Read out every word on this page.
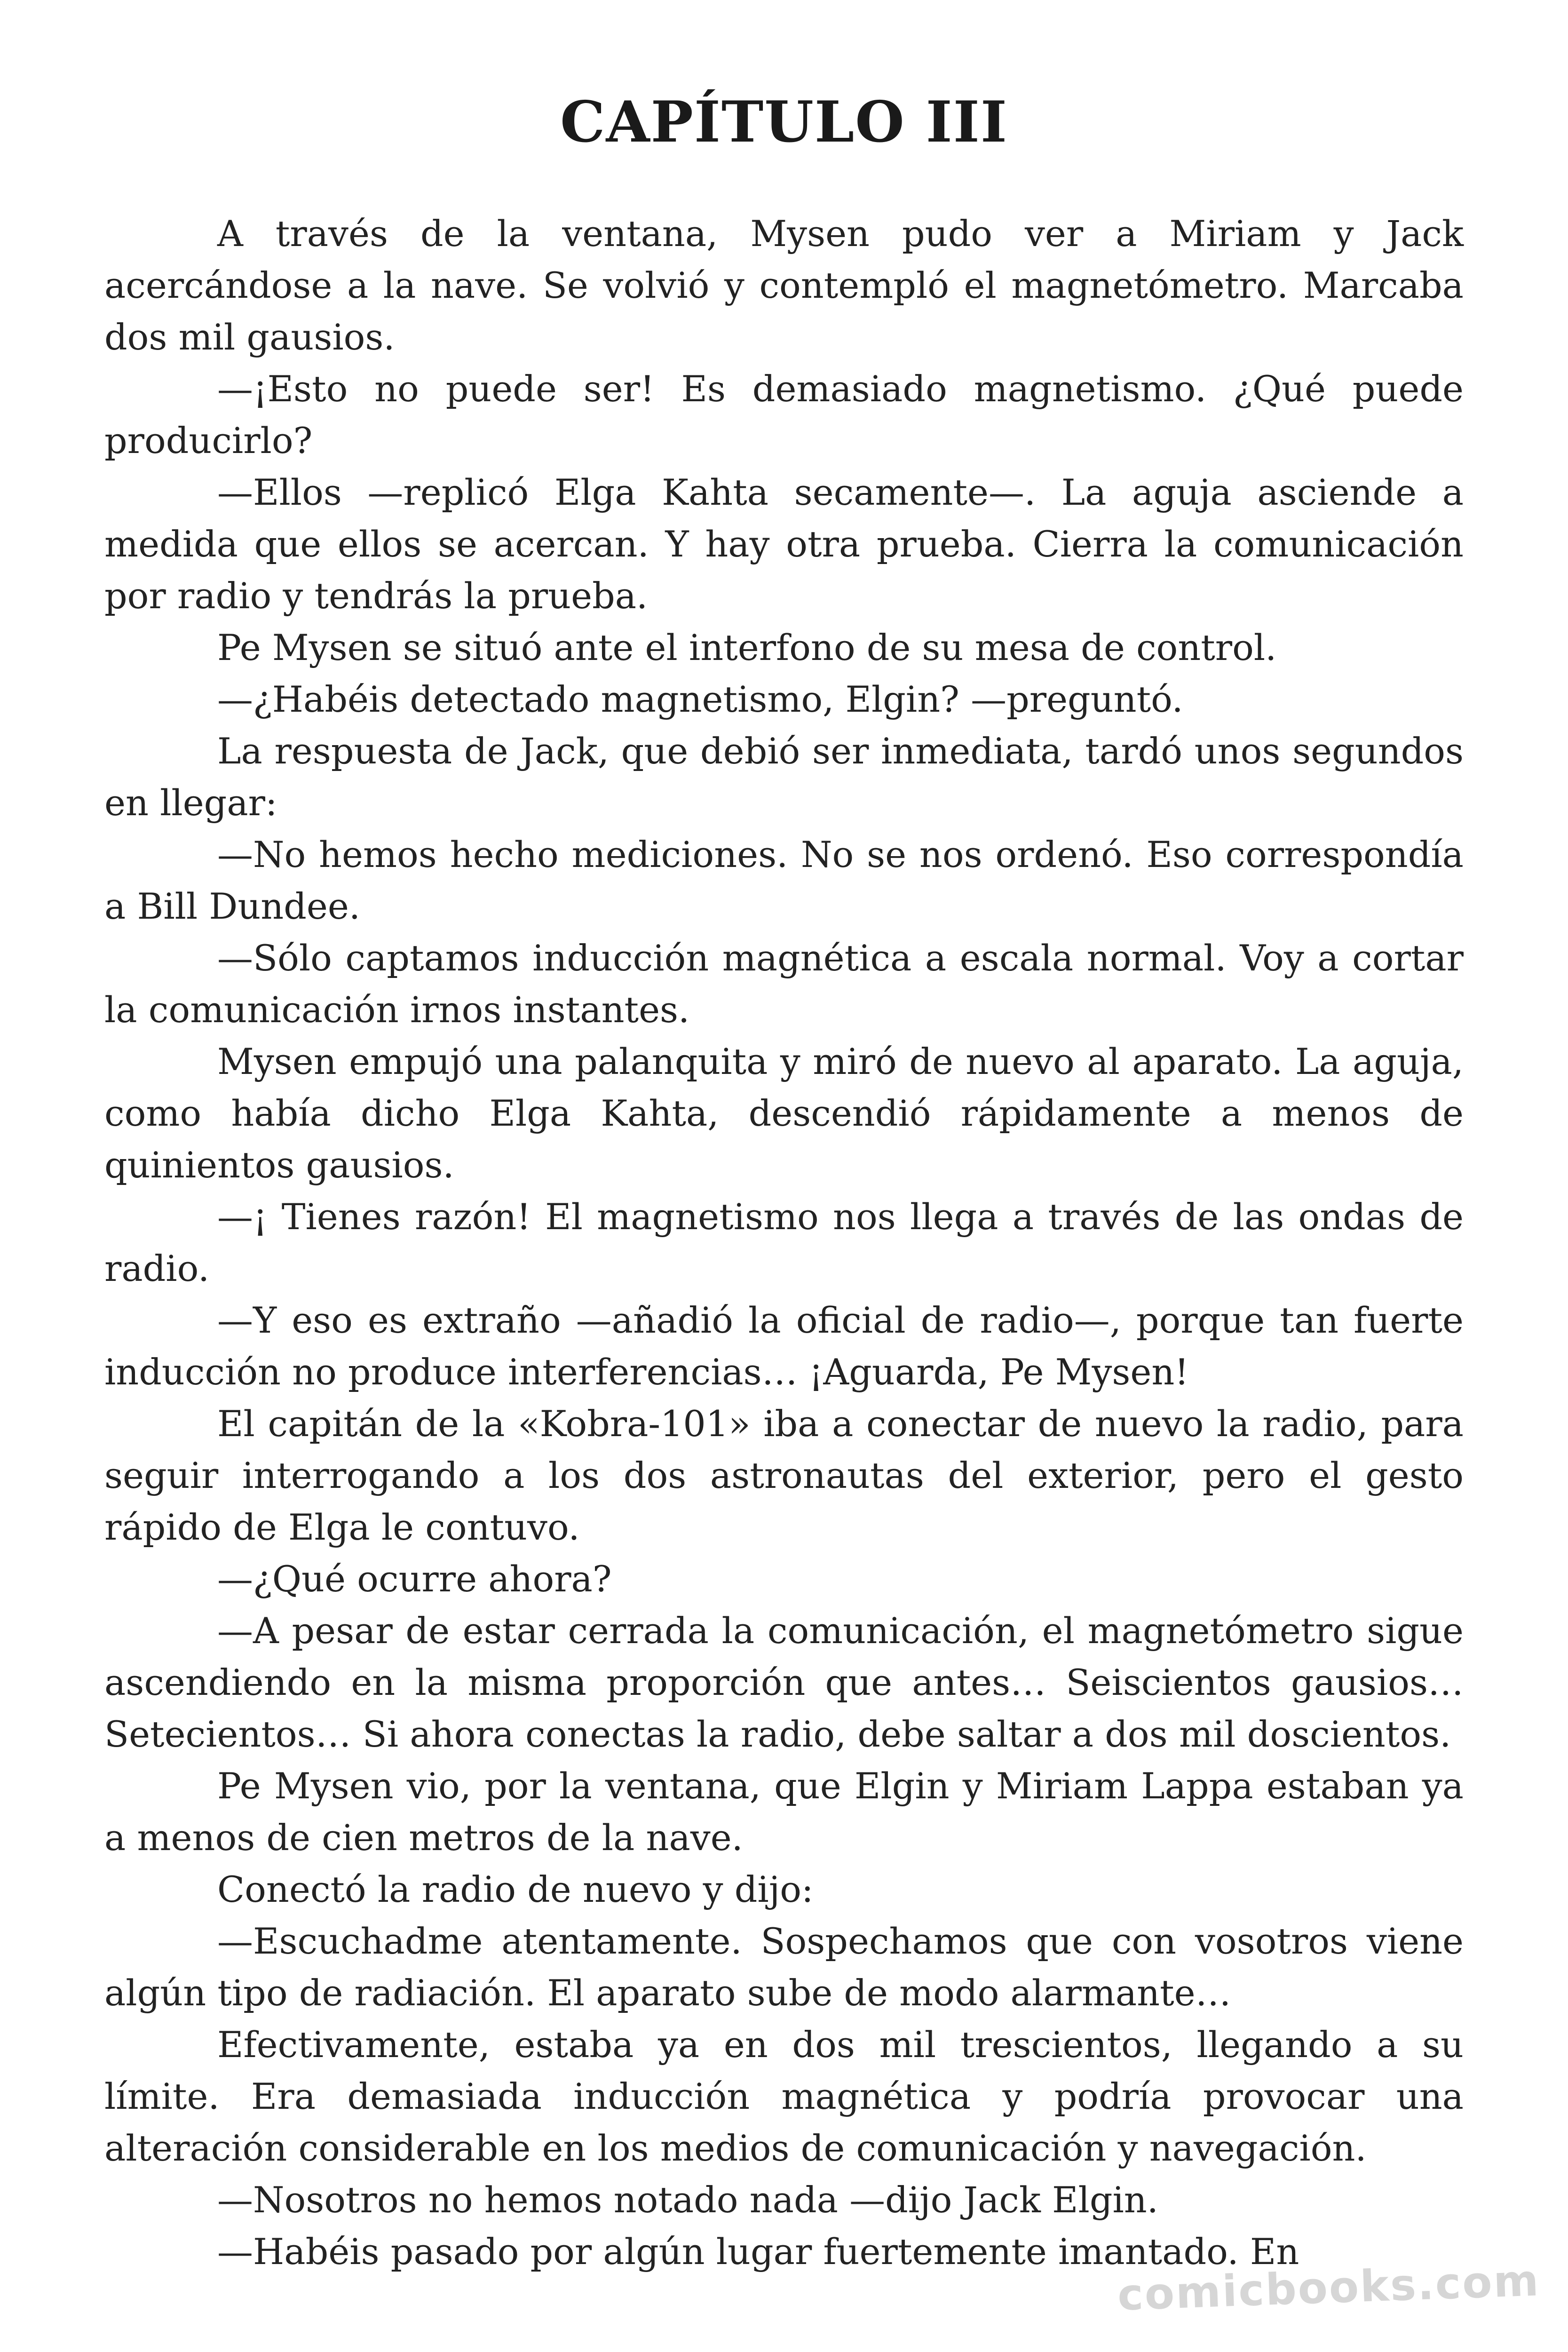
CAPÍTULO III

A través de la ventana, Mysen pudo ver a Miriam y Jack acercándose a la nave. Se volvió y contempló el magnetómetro. Marcaba dos mil gausios.

—¡Esto no puede ser! Es demasiado magnetismo. ¿Qué puede producirlo?

—Ellos —replicó Elga Kahta secamente—. La aguja asciende a medida que ellos se acercan. Y hay otra prueba. Cierra la comunicación por radio y tendrás la prueba.

Pe Mysen se situó ante el interfono de su mesa de control.

—¿Habéis detectado magnetismo, Elgin? —preguntó.

La respuesta de Jack, que debió ser inmediata, tardó unos segundos en llegar:

—No hemos hecho mediciones. No se nos ordenó. Eso correspondía a Bill Dundee.

—Sólo captamos inducción magnética a escala normal. Voy a cortar la comunicación irnos instantes.

Mysen empujó una palanquita y miró de nuevo al aparato. La aguja, como había dicho Elga Kahta, descendió rápidamente a menos de quinientos gausios.

—¡ Tienes razón! El magnetismo nos llega a través de las ondas de radio.

—Y eso es extraño —añadió la oficial de radio—, porque tan fuerte inducción no produce interferencias… ¡Aguarda, Pe Mysen!

El capitán de la «Kobra-101» iba a conectar de nuevo la radio, para seguir interrogando a los dos astronautas del exterior, pero el gesto rápido de Elga le contuvo.

—¿Qué ocurre ahora?

—A pesar de estar cerrada la comunicación, el magnetómetro sigue ascendiendo en la misma proporción que antes… Seiscientos gausios… Setecientos… Si ahora conectas la radio, debe saltar a dos mil doscientos.

Pe Mysen vio, por la ventana, que Elgin y Miriam Lappa estaban ya a menos de cien metros de la nave.

Conectó la radio de nuevo y dijo:

—Escuchadme atentamente. Sospechamos que con vosotros viene algún tipo de radiación. El aparato sube de modo alarmante…

Efectivamente, estaba ya en dos mil trescientos, llegando a su límite. Era demasiada inducción magnética y podría provocar una alteración considerable en los medios de comunicación y navegación.

—Nosotros no hemos notado nada —dijo Jack Elgin.

—Habéis pasado por algún lugar fuertemente imantado. En

comicbooks.com
